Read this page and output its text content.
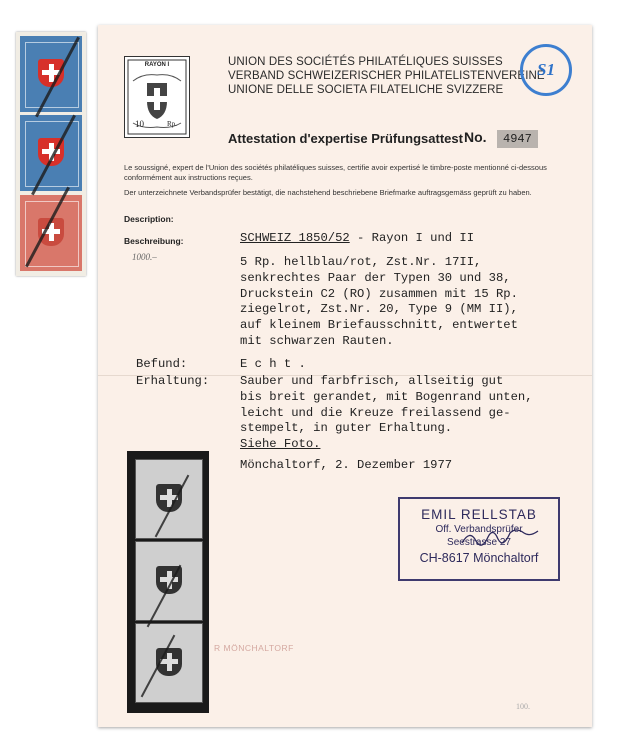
RAYON I
10	Rp.
UNION DES SOCIÉTÉS PHILATÉLIQUES SUISSES
VERBAND SCHWEIZERISCHER PHILATELISTENVEREINE
UNIONE DELLE SOCIETA FILATELICHE SVIZZERE
S1
Attestation d'expertise Prüfungsattest No.	4947
Le soussigné, expert de l'Union des sociétés philatéliques suisses, certifie avoir expertisé le timbre-poste mentionné ci-dessous conformément aux instructions reçues.
Der unterzeichnete Verbandsprüfer bestätigt, die nachstehend beschriebene Briefmarke auftragsgemäss geprüft zu haben.
Description:
Beschreibung:
1000.–
SCHWEIZ 1850/52 - Rayon I und II
5 Rp. hellblau/rot, Zst.Nr. 17II,
senkrechtes Paar der Typen 30 und 38,
Druckstein C2 (RO) zusammen mit 15 Rp.
ziegelrot, Zst.Nr. 20, Type 9 (MM II),
auf kleinem Briefausschnitt, entwertet
mit schwarzen Rauten.
Befund:	E c h t .
Erhaltung:	Sauber und farbfrisch, allseitig gut
bis breit gerandet, mit Bogenrand unten,
leicht und die Kreuze freilassend ge-
stempelt, in guter Erhaltung.
Siehe Foto.
Mönchaltorf, 2. Dezember 1977
R MÖNCHALTORF
EMIL RELLSTAB
Off. Verbandsprüfer
Seestrasse 27
CH-8617 Mönchaltorf
100.
